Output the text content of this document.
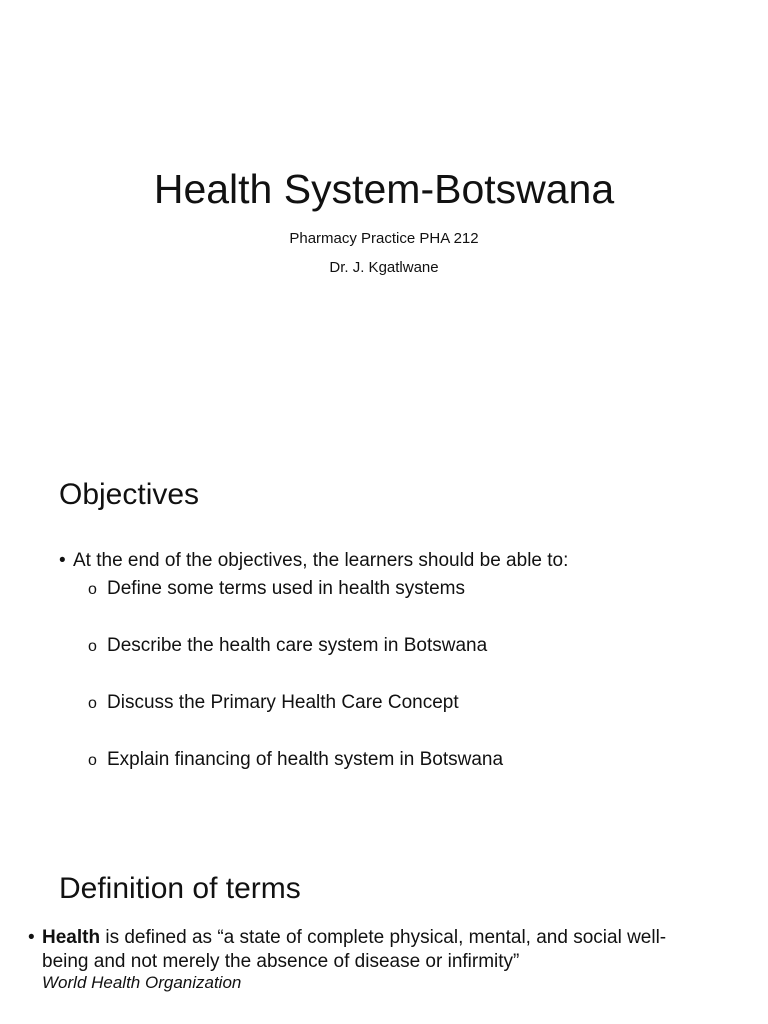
Health System-Botswana

Pharmacy Practice PHA 212

Dr. J. Kgatlwane

Objectives

• At the end of the objectives, the learners should be able to:

o Define some terms used in health systems

o Describe the health care system in Botswana

o Discuss the Primary Health Care Concept

o Explain financing of health system in Botswana

Definition of terms

• Health is defined as “a state of complete physical, mental, and social well-
being and not merely the absence of disease or infirmity”

World Health Organization
